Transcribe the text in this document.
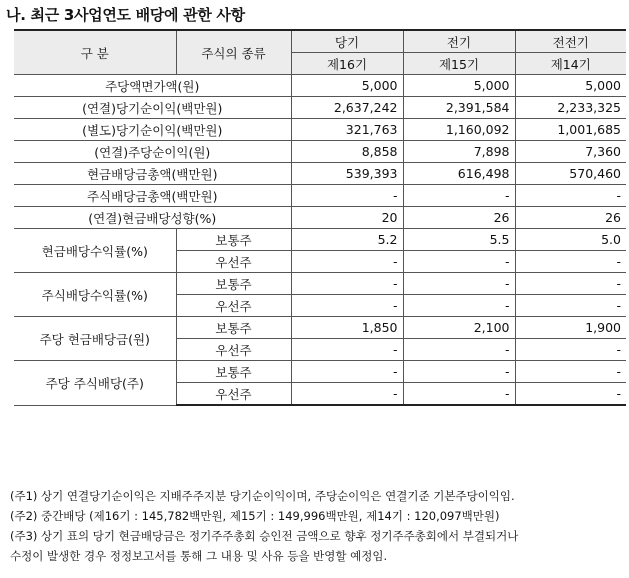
나. 최근 3사업연도 배당에 관한 사항
구 분	주식의 종류	당기	전기	전전기
		제16기	제15기	제14기
주당액면가액(원)		5,000	5,000	5,000
(연결)당기순이익(백만원)		2,637,242	2,391,584	2,233,325
(별도)당기순이익(백만원)		321,763	1,160,092	1,001,685
(연결)주당순이익(원)		8,858	7,898	7,360
현금배당금총액(백만원)		539,393	616,498	570,460
주식배당금총액(백만원)		-	-	-
(연결)현금배당성향(%)		20	26	26
현금배당수익률(%)	보통주	5.2	5.5	5.0
	우선주	-	-	-
주식배당수익률(%)	보통주	-	-	-
	우선주	-	-	-
주당 현금배당금(원)	보통주	1,850	2,100	1,900
	우선주	-	-	-
주당 주식배당(주)	보통주	-	-	-
	우선주	-	-	-
(주1) 상기 연결당기순이익은 지배주주지분 당기순이익이며, 주당순이익은 연결기준 기본주당이익임.
(주2) 중간배당 (제16기 : 145,782백만원, 제15기 : 149,996백만원, 제14기 : 120,097백만원)
(주3) 상기 표의 당기 현금배당금은 정기주주총회 승인전 금액으로 향후 정기주주총회에서 부결되거나
수정이 발생한 경우 정정보고서를 통해 그 내용 및 사유 등을 반영할 예정임.
